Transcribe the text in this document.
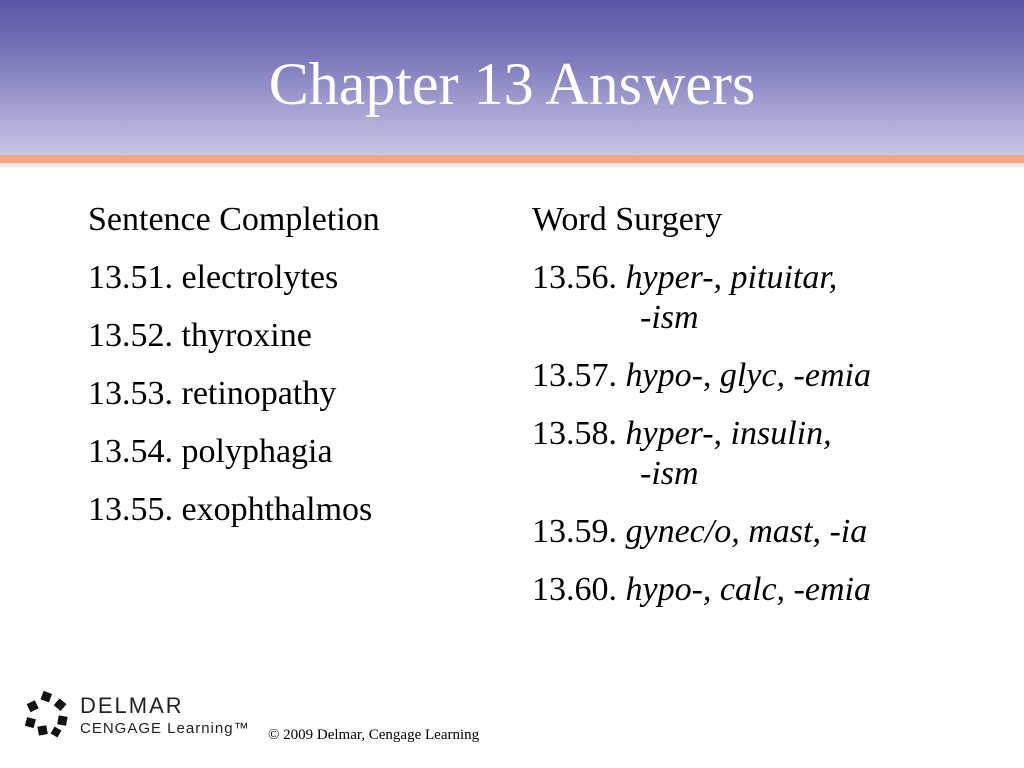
Chapter 13 Answers
Sentence Completion
13.51. electrolytes
13.52. thyroxine
13.53. retinopathy
13.54. polyphagia
13.55. exophthalmos
Word Surgery
13.56. hyper-, pituitar,
-ism
13.57. hypo-, glyc, -emia
13.58. hyper-, insulin,
-ism
13.59. gynec/o, mast, -ia
13.60. hypo-, calc, -emia
DELMAR
CENGAGE Learning™ © 2009 Delmar, Cengage Learning
